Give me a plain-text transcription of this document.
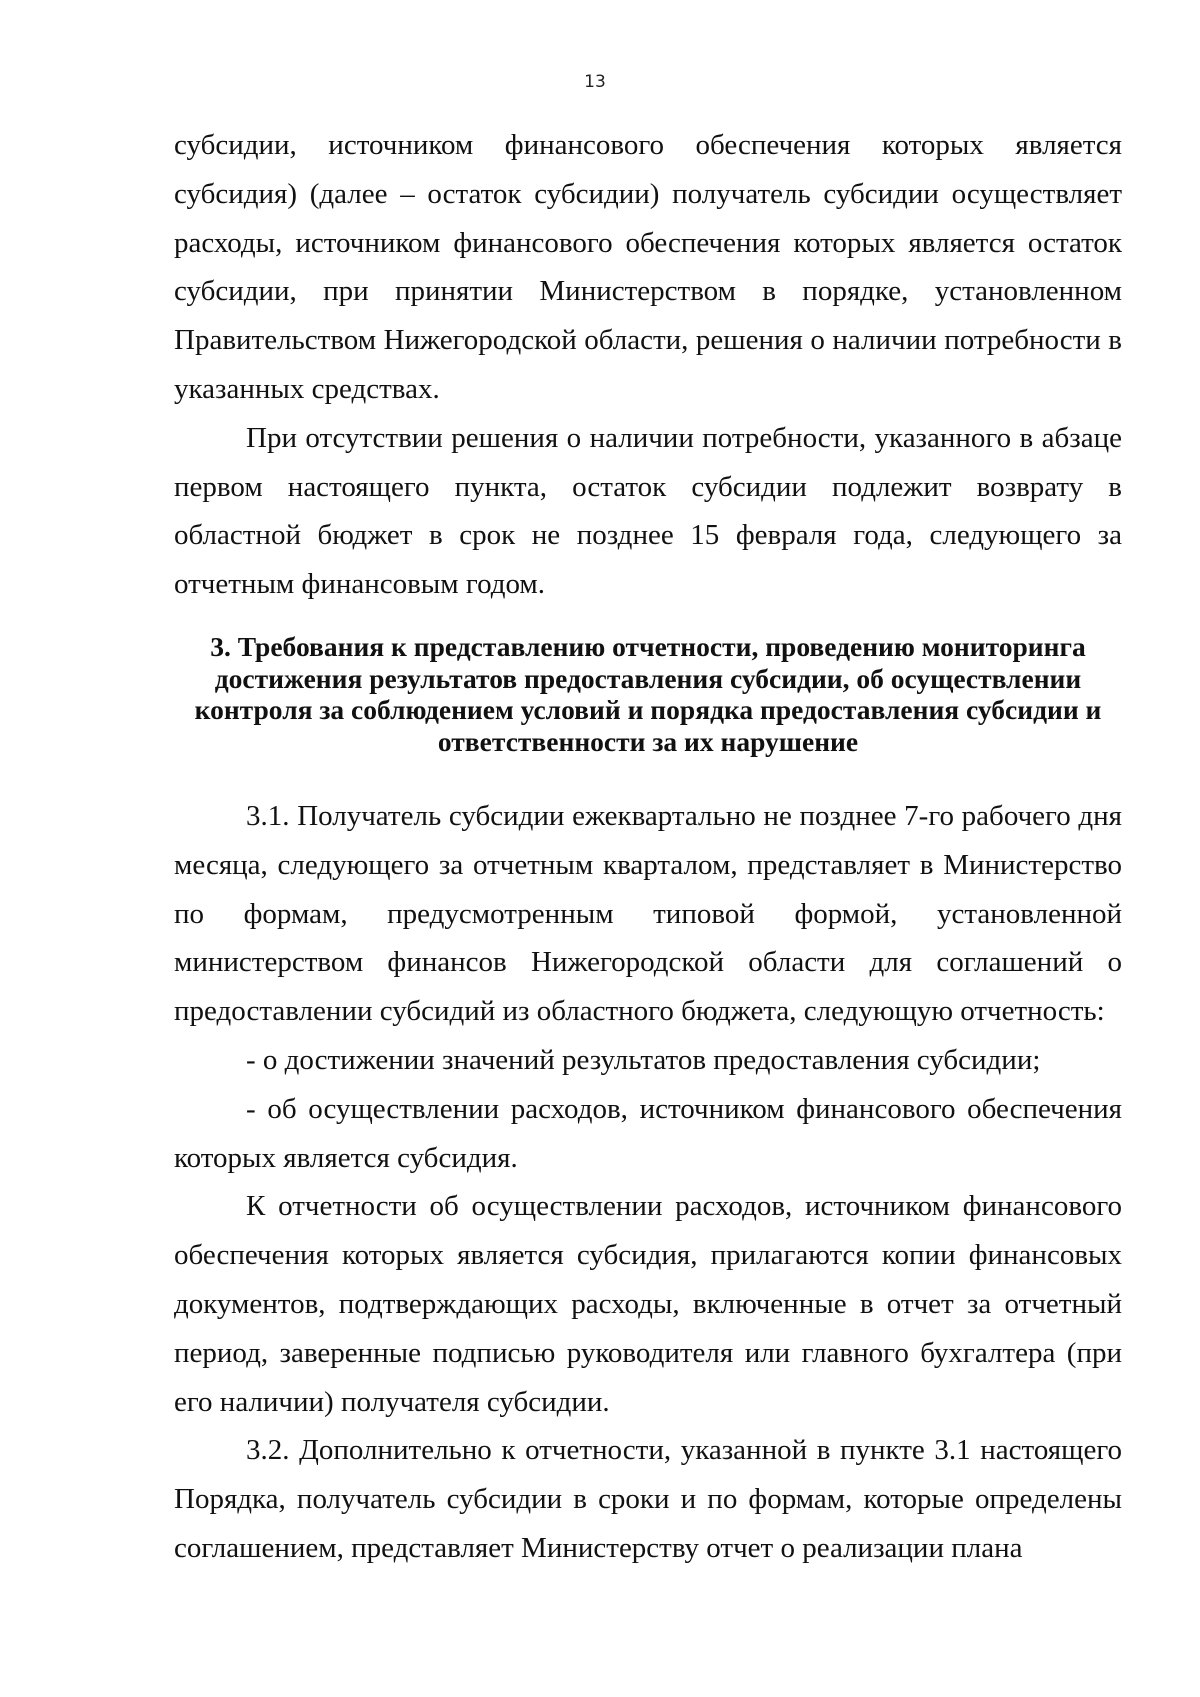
13

субсидии, источником финансового обеспечения которых является субсидия) (далее – остаток субсидии) получатель субсидии осуществляет расходы, источником финансового обеспечения которых является остаток субсидии, при принятии Министерством в порядке, установленном Правительством Нижегородской области, решения о наличии потребности в указанных средствах.

При отсутствии решения о наличии потребности, указанного в абзаце первом настоящего пункта, остаток субсидии подлежит возврату в областной бюджет в срок не позднее 15 февраля года, следующего за отчетным финансовым годом.

3. Требования к представлению отчетности, проведению мониторинга достижения результатов предоставления субсидии, об осуществлении контроля за соблюдением условий и порядка предоставления субсидии и ответственности за их нарушение

3.1. Получатель субсидии ежеквартально не позднее 7-го рабочего дня месяца, следующего за отчетным кварталом, представляет в Министерство по формам, предусмотренным типовой формой, установленной министерством финансов Нижегородской области для соглашений о предоставлении субсидий из областного бюджета, следующую отчетность:

- о достижении значений результатов предоставления субсидии;

- об осуществлении расходов, источником финансового обеспечения которых является субсидия.

К отчетности об осуществлении расходов, источником финансового обеспечения которых является субсидия, прилагаются копии финансовых документов, подтверждающих расходы, включенные в отчет за отчетный период, заверенные подписью руководителя или главного бухгалтера (при его наличии) получателя субсидии.

3.2. Дополнительно к отчетности, указанной в пункте 3.1 настоящего Порядка, получатель субсидии в сроки и по формам, которые определены соглашением, представляет Министерству отчет о реализации плана
